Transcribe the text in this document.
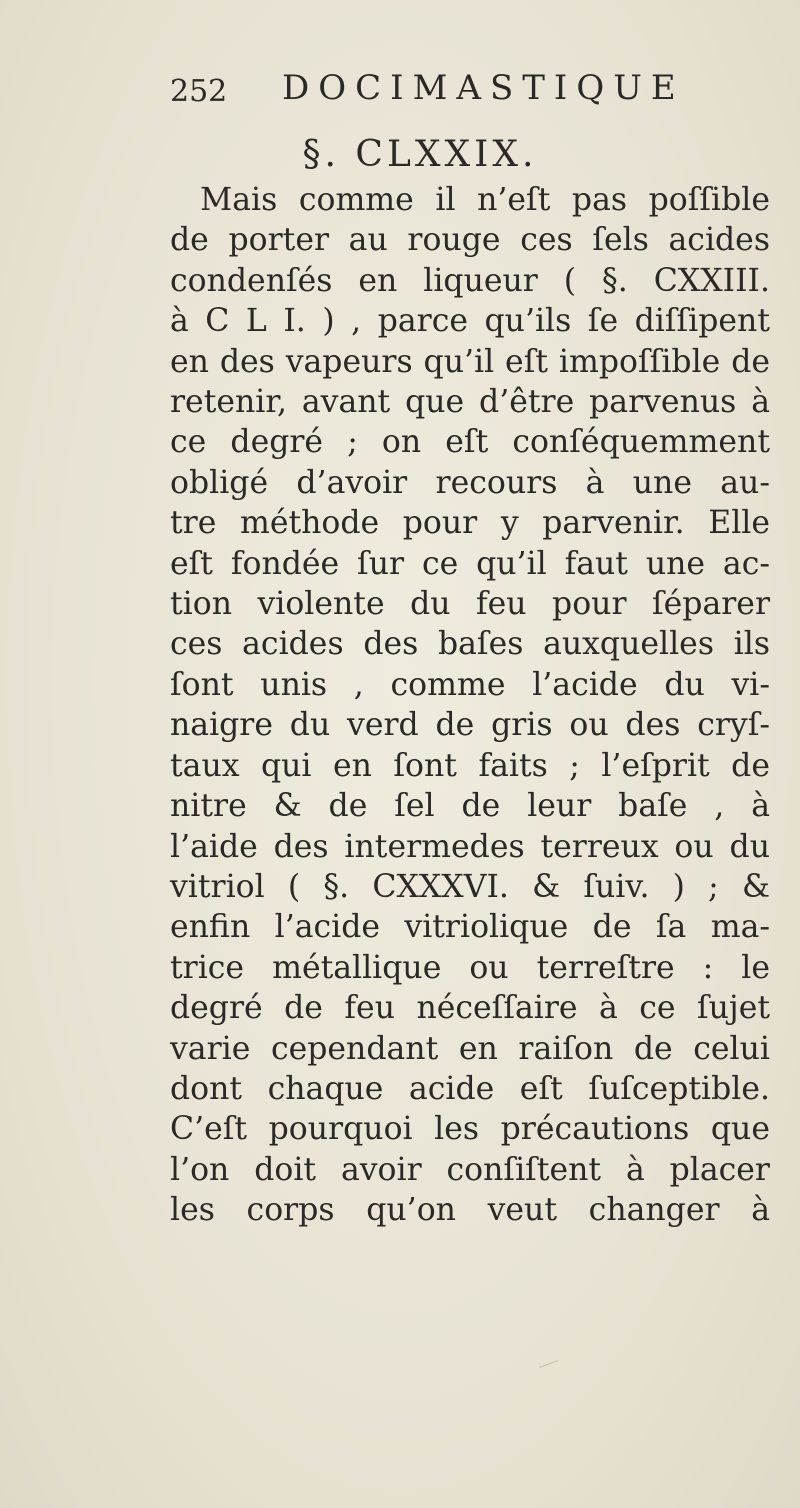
252 DOCIMASTIQUE
§. CLXXIX.
Mais comme il n’eſt pas poſſible
de porter au rouge ces ſels acides
condenſés en liqueur ( §. CXXIII.
à C L I. ) , parce qu’ils ſe diſſipent
en des vapeurs qu’il eſt impoſſible de
retenir, avant que d’être parvenus à
ce degré ; on eſt conſéquemment
obligé d’avoir recours à une au-
tre méthode pour y parvenir. Elle
eſt fondée ſur ce qu’il faut une ac-
tion violente du feu pour ſéparer
ces acides des baſes auxquelles ils
ſont unis , comme l’acide du vi-
naigre du verd de gris ou des cryſ-
taux qui en ſont faits ; l’eſprit de
nitre & de ſel de leur baſe , à
l’aide des intermedes terreux ou du
vitriol ( §. CXXXVI. & ſuiv. ) ; &
enfin l’acide vitriolique de ſa ma-
trice métallique ou terreſtre : le
degré de feu néceſſaire à ce ſujet
varie cependant en raiſon de celui
dont chaque acide eſt ſuſceptible.
C’eſt pourquoi les précautions que
l’on doit avoir conſiſtent à placer
les corps qu’on veut changer à
